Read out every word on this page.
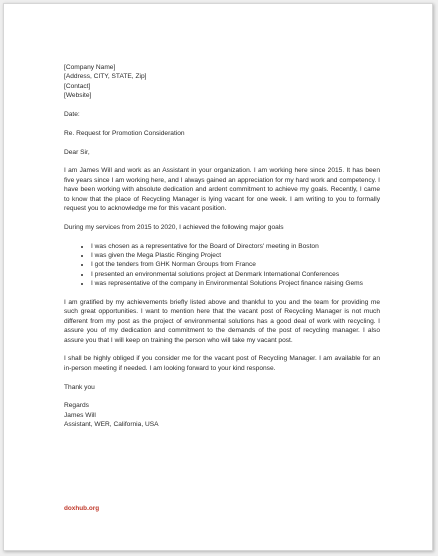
[Company Name]
[Address, CITY, STATE, Zip]
[Contact]
[Website]

Date:

Re. Request for Promotion Consideration

Dear Sir,

I am James Will and work as an Assistant in your organization. I am working here since 2015. It has been five years since I am working here, and I always gained an appreciation for my hard work and competency. I have been working with absolute dedication and ardent commitment to achieve my goals. Recently, I came to know that the place of Recycling Manager is lying vacant for one week. I am writing to you to formally request you to acknowledge me for this vacant position.

During my services from 2015 to 2020, I achieved the following major goals

• I was chosen as a representative for the Board of Directors' meeting in Boston
• I was given the Mega Plastic Ringing Project
• I got the tenders from GHK Norman Groups from France
• I presented an environmental solutions project at Denmark International Conferences
• I was representative of the company in Environmental Solutions Project finance raising Gems

I am gratified by my achievements briefly listed above and thankful to you and the team for providing me such great opportunities. I want to mention here that the vacant post of Recycling Manager is not much different from my post as the project of environmental solutions has a good deal of work with recycling. I assure you of my dedication and commitment to the demands of the post of recycling manager. I also assure you that I will keep on training the person who will take my vacant post.

I shall be highly obliged if you consider me for the vacant post of Recycling Manager. I am available for an in-person meeting if needed. I am looking forward to your kind response.

Thank you

Regards

James Will

Assistant, WER, California, USA

doxhub.org
